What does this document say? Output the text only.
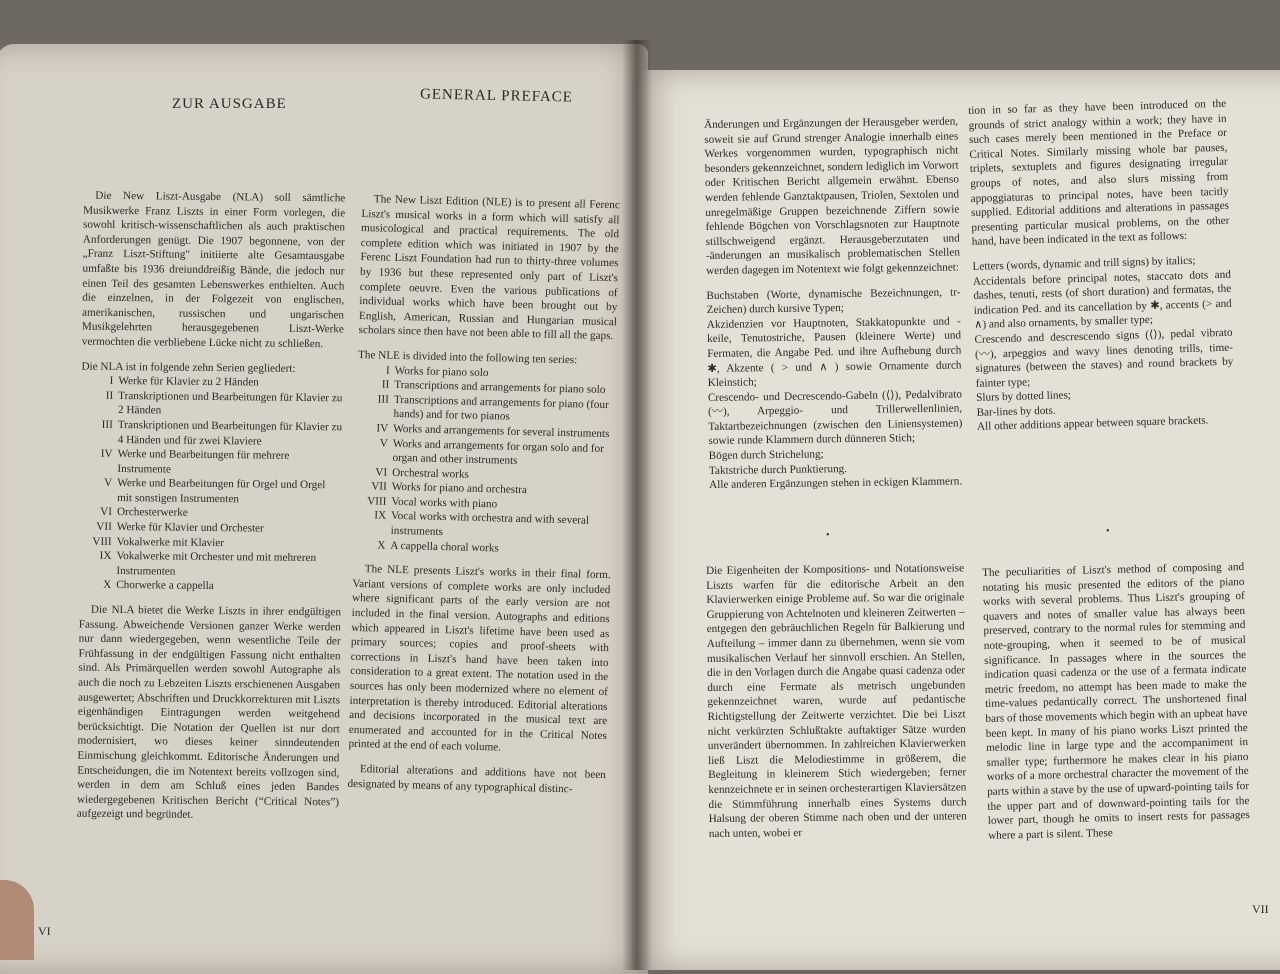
ZUR AUSGABE	GENERAL PREFACE

Die New Liszt-Ausgabe (NLA) soll sämtliche Musikwerke Franz Liszts in einer Form vorlegen, die sowohl kritisch-wissenschaftlichen als auch praktischen Anforderungen genügt. Die 1907 begonnene, von der „Franz Liszt-Stiftung" initiierte alte Gesamtausgabe umfaßte bis 1936 dreiunddreißig Bände, die jedoch nur einen Teil des gesamten Lebenswerkes enthielten. Auch die einzelnen, in der Folgezeit von englischen, amerikanischen, russischen und ungarischen Musikgelehrten herausgegebenen Liszt-Werke vermochten die verbliebene Lücke nicht zu schließen.

Die NLA ist in folgende zehn Serien gegliedert:

I Werke für Klavier zu 2 Händen
II Transkriptionen und Bearbeitungen für Klavier zu 2 Händen
III Transkriptionen und Bearbeitungen für Klavier zu 4 Händen und für zwei Klaviere
IV Werke und Bearbeitungen für mehrere Instrumente
V Werke und Bearbeitungen für Orgel und Orgel mit sonstigen Instrumenten
VI Orchesterwerke
VII Werke für Klavier und Orchester
VIII Vokalwerke mit Klavier
IX Vokalwerke mit Orchester und mit mehreren Instrumenten
X Chorwerke a cappella

Die NLA bietet die Werke Liszts in ihrer endgültigen Fassung. Abweichende Versionen ganzer Werke werden nur dann wiedergegeben, wenn wesentliche Teile der Frühfassung in der endgültigen Fassung nicht enthalten sind. Als Primärquellen werden sowohl Autographe als auch die noch zu Lebzeiten Liszts erschienenen Ausgaben ausgewertet; Abschriften und Druckkorrekturen mit Liszts eigenhändigen Eintragungen werden weitgehend berücksichtigt. Die Notation der Quellen ist nur dort modernisiert, wo dieses keiner sinndeutenden Einmischung gleichkommt. Editorische Änderungen und Entscheidungen, die im Notentext bereits vollzogen sind, werden in dem am Schluß eines jeden Bandes wiedergegebenen Kritischen Bericht (“Critical Notes”) aufgezeigt und begründet.

The New Liszt Edition (NLE) is to present all Ferenc Liszt's musical works in a form which will satisfy all musicological and practical requirements. The old complete edition which was initiated in 1907 by the Ferenc Liszt Foundation had run to thirty-three volumes by 1936 but these represented only part of Liszt's complete oeuvre. Even the various publications of individual works which have been brought out by English, American, Russian and Hungarian musical scholars since then have not been able to fill all the gaps.

The NLE is divided into the following ten series:

I Works for piano solo
II Transcriptions and arrangements for piano solo
III Transcriptions and arrangements for piano (four hands) and for two pianos
IV Works and arrangements for several instruments
V Works and arrangements for organ solo and for organ and other instruments
VI Orchestral works
VII Works for piano and orchestra
VIII Vocal works with piano
IX Vocal works with orchestra and with several instruments
X A cappella choral works

The NLE presents Liszt's works in their final form. Variant versions of complete works are only included where significant parts of the early version are not included in the final version. Autographs and editions which appeared in Liszt's lifetime have been used as primary sources; copies and proof-sheets with corrections in Liszt's hand have been taken into consideration to a great extent. The notation used in the sources has only been modernized where no element of interpretation is thereby introduced. Editorial alterations and decisions incorporated in the musical text are enumerated and accounted for in the Critical Notes printed at the end of each volume.

Editorial alterations and additions have not been designated by means of any typographical distinc-

VI

Änderungen und Ergänzungen der Herausgeber werden, soweit sie auf Grund strenger Analogie innerhalb eines Werkes vorgenommen wurden, typographisch nicht besonders gekennzeichnet, sondern lediglich im Vorwort oder Kritischen Bericht allgemein erwähnt. Ebenso werden fehlende Ganztaktpausen, Triolen, Sextolen und unregelmäßige Gruppen bezeichnende Ziffern sowie fehlende Bögchen von Vorschlagsnoten zur Hauptnote stillschweigend ergänzt. Herausgeberzutaten und -änderungen an musikalisch problematischen Stellen werden dagegen im Notentext wie folgt gekennzeichnet:

Buchstaben (Worte, dynamische Bezeichnungen, tr-Zeichen) durch kursive Typen;
Akzidenzien vor Hauptnoten, Stakkatopunkte und -keile, Tenutostriche, Pausen (kleinere Werte) und Fermaten, die Angabe Ped. und ihre Aufhebung durch ✱, Akzente ( > und ∧ ) sowie Ornamente durch Kleinstich;
Crescendo- und Decrescendo-Gabeln (⟨⟩), Pedalvibrato (〰), Arpeggio- und Trillerwellenlinien, Taktartbezeichnungen (zwischen den Liniensystemen) sowie runde Klammern durch dünneren Stich;
Bögen durch Strichelung;
Taktstriche durch Punktierung.
Alle anderen Ergänzungen stehen in eckigen Klammern.

tion in so far as they have been introduced on the grounds of strict analogy within a work; they have in such cases merely been mentioned in the Preface or Critical Notes. Similarly missing whole bar pauses, triplets, sextuplets and figures designating irregular groups of notes, and also slurs missing from appoggiaturas to principal notes, have been tacitly supplied. Editorial additions and alterations in passages presenting particular musical problems, on the other hand, have been indicated in the text as follows:

Letters (words, dynamic and trill signs) by italics;
Accidentals before principal notes, staccato dots and dashes, tenuti, rests (of short duration) and fermatas, the indication Ped. and its cancellation by ✱, accents (> and ∧) and also ornaments, by smaller type;
Crescendo and descrescendo signs (⟨⟩), pedal vibrato (〰), arpeggios and wavy lines denoting trills, time-signatures (between the staves) and round brackets by fainter type;
Slurs by dotted lines;
Bar-lines by dots.
All other additions appear between square brackets.
•	•

Die Eigenheiten der Kompositions- und Notationsweise Liszts warfen für die editorische Arbeit an den Klavierwerken einige Probleme auf. So war die originale Gruppierung von Achtelnoten und kleineren Zeitwerten – entgegen den gebräuchlichen Regeln für Balkierung und Aufteilung – immer dann zu übernehmen, wenn sie vom musikalischen Verlauf her sinnvoll erschien. An Stellen, die in den Vorlagen durch die Angabe quasi cadenza oder durch eine Fermate als metrisch ungebunden gekennzeichnet waren, wurde auf pedantische Richtigstellung der Zeitwerte verzichtet. Die bei Liszt nicht verkürzten Schlußtakte auftaktiger Sätze wurden unverändert übernommen. In zahlreichen Klavierwerken ließ Liszt die Melodiestimme in größerem, die Begleitung in kleinerem Stich wiedergeben; ferner kennzeichnete er in seinen orchesterartigen Klaviersätzen die Stimmführung innerhalb eines Systems durch Halsung der oberen Stimme nach oben und der unteren nach unten, wobei er

The peculiarities of Liszt's method of composing and notating his music presented the editors of the piano works with several problems. Thus Liszt's grouping of quavers and notes of smaller value has always been preserved, contrary to the normal rules for stemming and note-grouping, when it seemed to be of musical significance. In passages where in the sources the indication quasi cadenza or the use of a fermata indicate metric freedom, no attempt has been made to make the time-values pedantically correct. The unshortened final bars of those movements which begin with an upbeat have been kept. In many of his piano works Liszt printed the melodic line in large type and the accompaniment in smaller type; furthermore he makes clear in his piano works of a more orchestral character the movement of the parts within a stave by the use of upward-pointing tails for the upper part and of downward-pointing tails for the lower part, though he omits to insert rests for passages where a part is silent. These

VII
